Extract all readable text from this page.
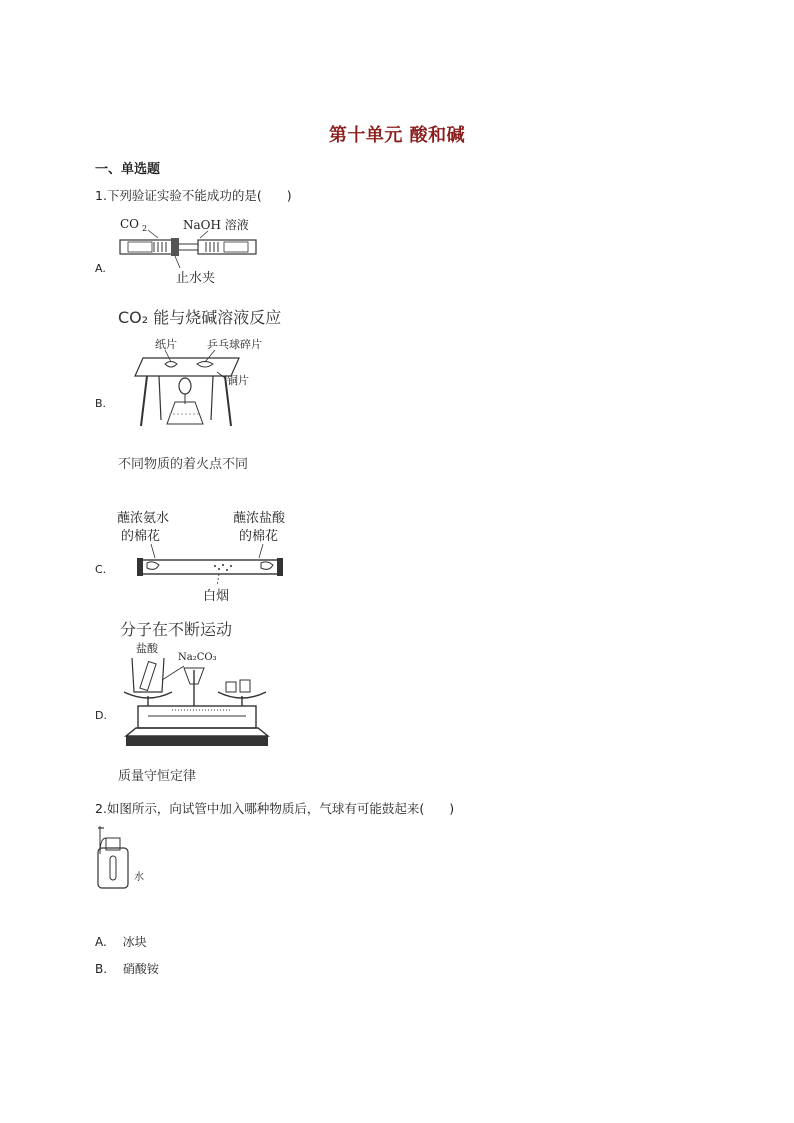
第十单元 酸和碱
一、单选题
1.下列验证实验不能成功的是(　　)
A.
CO 2	NaOH 溶液
止水夹
CO₂ 能与烧碱溶液反应
B.
纸片	乒乓球碎片
铜片
不同物质的着火点不同
C.
蘸浓氨水
的棉花
蘸浓盐酸
的棉花
白烟
分子在不断运动
D.
盐酸
Na₂CO₃
质量守恒定律
2.如图所示，向试管中加入哪种物质后，气球有可能鼓起来(　　)
水
A. 冰块
B. 硝酸铵
